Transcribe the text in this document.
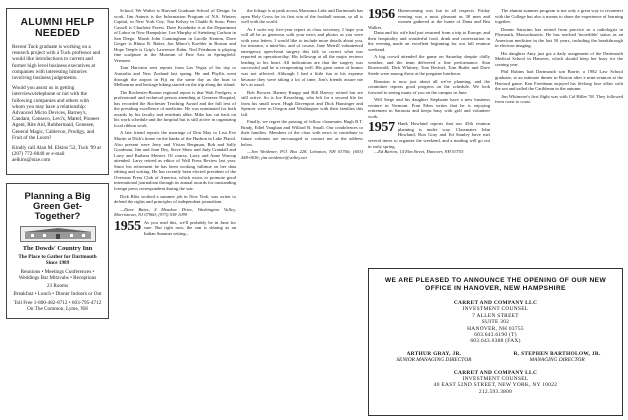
ALUMNI HELP NEEDED

Recent Tuck graduate is working on a research project with a Tuck professor and would like introductions to current and former high level business executives at companies with interesting histories involving business judgements.

Would you assist us in getting interviews/telephone or not with the following companies and others with whom you may have a relationship: Advanced Micro Devices, Barney's, Candant, Conseco, Levi's, Mattel, Pioneer Agent, Rite Aid, Rubbermaid, Genesee, General Magic, Cablevon, Prodigy, and Fruit of the Loom?

Kindly call Alan M. Elkins '52, Tuck '99 at (207) 772-8848 or e-mail aelkins@nize.com

Planning a Big Green Get-Together?
The Dowds' Country Inn
The Place to Gather for Dartmouth Since 1989
Reunions • Meetings Conferences • Weddings Bar Mitzvahs • Receptions
23 Rooms
Breakfast • Lunch • Dinner Indoors or Out
Toll Free 1-800-482-8712 • 603-795-4712
On The Common, Lyme, NH

School. We Walter is Harvard Graduate School of Design. In work, Jim Anteris is the Information Program of N.S. Winters Capital, in New York City. Tim Kelsey in Chubb & Sons; Peter Cassell is Charlotte Forest. Dave Kroehnke is at the Department of Labor in New Hampshire, Lee Murphy of Steinberg Carlson in San Diego. Marsh John Cunningham in Lucille Kenton, Dave Geiger is Rhino R. Baker, Jon Minor's Koehler in Boston and Hope Teeple is Grip's Lawrence Kahn. Ned Friedman is playing fine sculpture at the Museum of Fine Arts in Springfield, Vermont.

Tom Harvatin sent reports from Las Vegas of his trip to Australia and New Zealand last spring. He and Phyllis went through the airport in Fiji on the same day as the boat to Melbourne and heritage hiking started on the trip along the island.

The Rochester-Boston regional report is that Walt Fredgers, a professional and technical person attending at Genesee Hospital, has recorded the Rochester Teaching Award and the full text of the presiding excellence of medicine. He was nominated for both awards by his faculty and residents alike. Mike has cut back on his work schedule and the hospital but is still active in organizing local ribbon work.

A late friend reports the marriage of Don May to Lisa Eve Martin at Dick's home on the banks of the Hudson in Lake Placid. Also present were Jerry and Vivian Bergman, Bob and Sally Goodman, Jim and Joan Dey, Steve Shaw and Judy Crandall and Larry and Barbara Meister. Of course, Larry and Anne Warcup attended. Larry retired as editor of Wall Press Review last year. Since his retirement he has been working fulltime on her data editing and writing. He has recently been elected president of the Overseas Press Club of America, which exists to promote good international journalism through its annual awards for outstanding foreign press correspondent during the war.

Dick Blitz worked a summer job in New York, was writer to defend the rights and principles of independent journalism.

—Dave Bates, 4 Meadow Drive, Washington Valley, Morristown, NJ 07960; (973) 538-1099

1955 As you read this, we'll probably be in June for sure. But right now, the sun is shining as an Indian Summer setting...

the foliage is at peak across Massoma Lake and Dartmouth has open Holy Cross for its first win of the football season, so all is well with the world.

As I write my five-year report as class secretary, I hope you will all be as generous with your news and photos as you were with your letters. I would like to include more details about you, for instance, a mini-bio, and of course, Jane Merrill volunteered emergency open-heart surgery this fall; so correct what was reported as operation-day. His followup at all the major reviews leading to his heart. All indications are that the surgery was successful and he is recuperating well. His great sense of humor was not affected. Although I had a little fun at his expense because they were taking a lot of time, Jim's friends assure me he's as usual.

Bob Brower, Barney Knapp and Bill Harvey retired but are still active. So is Joe Kesselring, who left for a second life far from his small town. Hugh Davenport and Dick Hausinger and Spencer were in Oregon and Washington with their families this fall.

Finally, we regret the passing of fellow classmates Hugh B.T. Brady, Ethel Vaughan and Willard R. Small. Our condolences to their families. Members of the class with news to contribute to future columns are encouraged to contact me at the address below.

—Jim Weidener, P.O. Box 228, Lebanon, NH 03766; (603) 448-0636; jim.weidener@valley.net

1956 Homecoming was fun in all respects. Friday evening was a most pleasant as 38 men and women gathered at the home of Dana and Bea Walker.

Dana and his wife had just returned from a trip to Europe, and their hospitality and wonderful food, drink and conversation in the evening made an excellent beginning for our fall reunion weekend.

A big crowd attended the game on Saturday despite chilly weather, and the team delivered a fine performance. Stan Rosenwald, Dick Whitney, Tom Bechtel, Tom Butler and Dave Steele were among those at the pregame luncheon.

Reunion is now just about all we've planning, and the committee reports good progress on the schedule. We look forward to seeing many of you on the campus in June.

Will Stege and his daughter Stephanie have a new business venture in Vermont. Fran Eden writes that he is enjoying retirement in Sarasota and keeps busy with golf and volunteer work.

1957 Hank Howland reports that our 45th reunion planning is under way. Classmates John Howland, Ron Gray and Ed Stanley have met several times to organize the weekend, and a mailing will go out in early spring.

—Ed Barton, 14 Elm Street, Hanover, NH 03755

The alumni summer program is not only a great way to reconnect with the College but also a means to share the experience of learning together.

Dennis Saracino has retired from practice as a radiologist in Plymouth, Massachusetts. He has reached 'incredible' status as an American medicine in the last 50 years, including the breakthrough in electron imaging.

His daughter Amy just got a daily assignment of the Dartmouth Medical School in Hanover, which should keep her busy for the coming year.

Phil Rubins had Dartmouth son Barrie, a 1982 Law School graduate, at an intimate dinner in Boston after a mini-reunion at the Harvard game. Ken Freedman enjoyed his lifelong love affair with the sea and sailed the Caribbean in the autumn.

Jim Whitmore's first flight was with Cal Hiller '58. They followed from coast to coast.

WE ARE PLEASED TO ANNOUNCE THE OPENING OF OUR NEW OFFICE IN HANOVER, NEW HAMPSHIRE
CARRET AND COMPANY LLC
INVESTMENT COUNSEL
7 ALLEN STREET
SUITE 302
HANOVER, NH 03755
603.643.6190 (T)
603.643.6388 (FAX)
ARTHUR GRAY, JR.
SENIOR MANAGING DIRECTOR
R. STEPHEN BARTHOLOW, JR.
MANAGING DIRECTOR
CARRET AND COMPANY LLC
INVESTMENT COUNSEL
40 EAST 52ND STREET, NEW YORK, NY 10022
212.593.3800
